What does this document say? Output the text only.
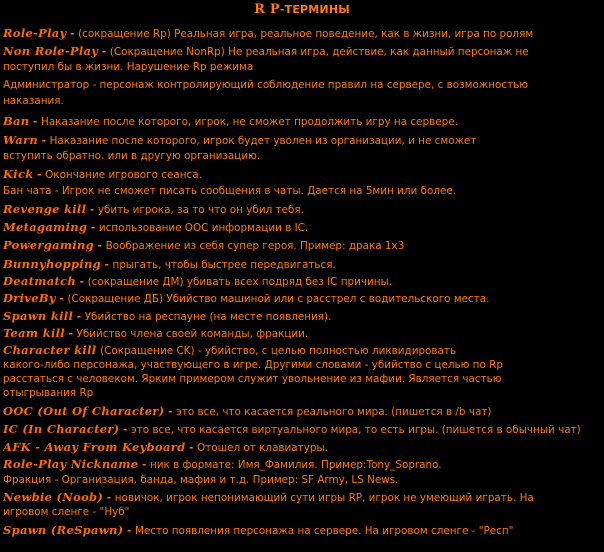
R P-ТЕРМИНЫ
Role-Play - (сокращение Rp) Реальная игра, реальное поведение, как в жизни, игра по ролям
Non Role-Play - (Сокращение NonRp) Не реальная игра, действие, как данный персонаж не
поступил бы в жизни. Нарушение Rp режима
Администратор - персонаж контролирующий соблюдение правил на сервере, с возможностью
наказания.
Ban - Наказание после которого, игрок, не сможет продолжить игру на сервере.
Warn - Наказание после которого, игрок будет уволен из организации, и не сможет
вступить обратно. или в другую организацию.
Kick - Окончание игрового сеанса.
Бан чата - Игрок не сможет писать сообщения в чаты. Дается на 5мин или более.
Revenge kill - убить игрока, за то что он убил тебя.
Metagaming - использование OOC информации в IC.
Powergaming - Воображение из себя супер героя. Пример: драка 1x3
Bunnyhopping - прыгать, чтобы быстрее передвигаться.
Deatmatch - (сокращение ДМ) убивать всех подряд без IC причины.
DriveBy - (Сокращение ДБ) Убийство машиной или с расстрел с водительского места.
Spawn kill - Убийство на респауне (на месте появления).
Team kill - Убийство члена своей команды, фракции.
Character kill (Сокращение CK) - убийство, с целью полностью ликвидировать
какого-либо персонажа, участвующего в игре. Другими словами - убийство с целью по Rp
расстаться с человеком. Ярким примером служит увольнение из мафии. Является частью
отыгрывания Rp
OOC (Out Of Character) - это все, что касается реального мира. (пишется в /b чат)
IC (In Character) - это все, что касается виртуального мира, то есть игры. (пишется в обычный чат)
AFK - Away From Keyboard - Отошел от клавиатуры.
Role-Play Nickname - ник в формате: Имя_Фамилия. Пример:Tony_Soprano.
Фракция - Организация, банда, мафия и т.д. Пример: SF Army, LS News.
Newbie (Noob) - новичок, игрок непонимающий сути игры RP, игрок не умеющий играть. На
игровом сленге - "Нуб"
Spawn (ReSpawn) - Место появления персонажа на сервере. На игровом сленге - "Респ"
